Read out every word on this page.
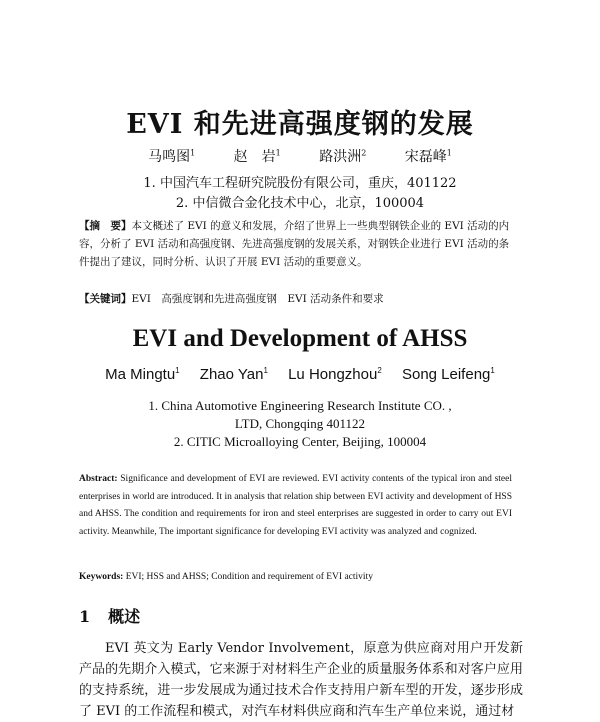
EVI 和先进高强度钢的发展
马鸣图$^1$	赵　岩$^1$	路洪洲$^2$	宋磊峰$^1$
1. 中国汽车工程研究院股份有限公司，重庆，401122
2. 中信微合金化技术中心，北京，100004
【摘　要】本文概述了 EVI 的意义和发展，介绍了世界上一些典型钢铁企业的 EVI 活动的内容，分析了 EVI 活动和高强度钢、先进高强度钢的发展关系，对钢铁企业进行 EVI 活动的条件提出了建议，同时分析、认识了开展 EVI 活动的重要意义。
【关键词】EVI　高强度钢和先进高强度钢　EVI 活动条件和要求
EVI and Development of AHSS
Ma Mingtu$^1$ Zhao Yan$^1$ Lu Hongzhou$^2$ Song Leifeng$^1$
1. China Automotive Engineering Research Institute CO. ,
LTD, Chongqing 401122
2. CITIC Microalloying Center, Beijing, 100004
Abstract: Significance and development of EVI are reviewed. EVI activity contents of the typical iron and steel enterprises in world are introduced. It in analysis that relation ship between EVI activity and development of HSS and AHSS. The condition and requirements for iron and steel enterprises are suggested in order to carry out EVI activity. Meanwhile, The important significance for developing EVI activity was analyzed and cognized.
Keywords: EVI; HSS and AHSS; Condition and requirement of EVI activity
1 概述
EVI 英文为 Early Vendor Involvement，原意为供应商对用户开发新产品的先期介入模式，它来源于对材料生产企业的质量服务体系和对客户应用的支持系统，进一步发展成为通过技术合作支持用户新车型的开发，逐步形成了 EVI 的工作流程和模式，对汽车材料供应商和汽车生产单位来说，通过材
